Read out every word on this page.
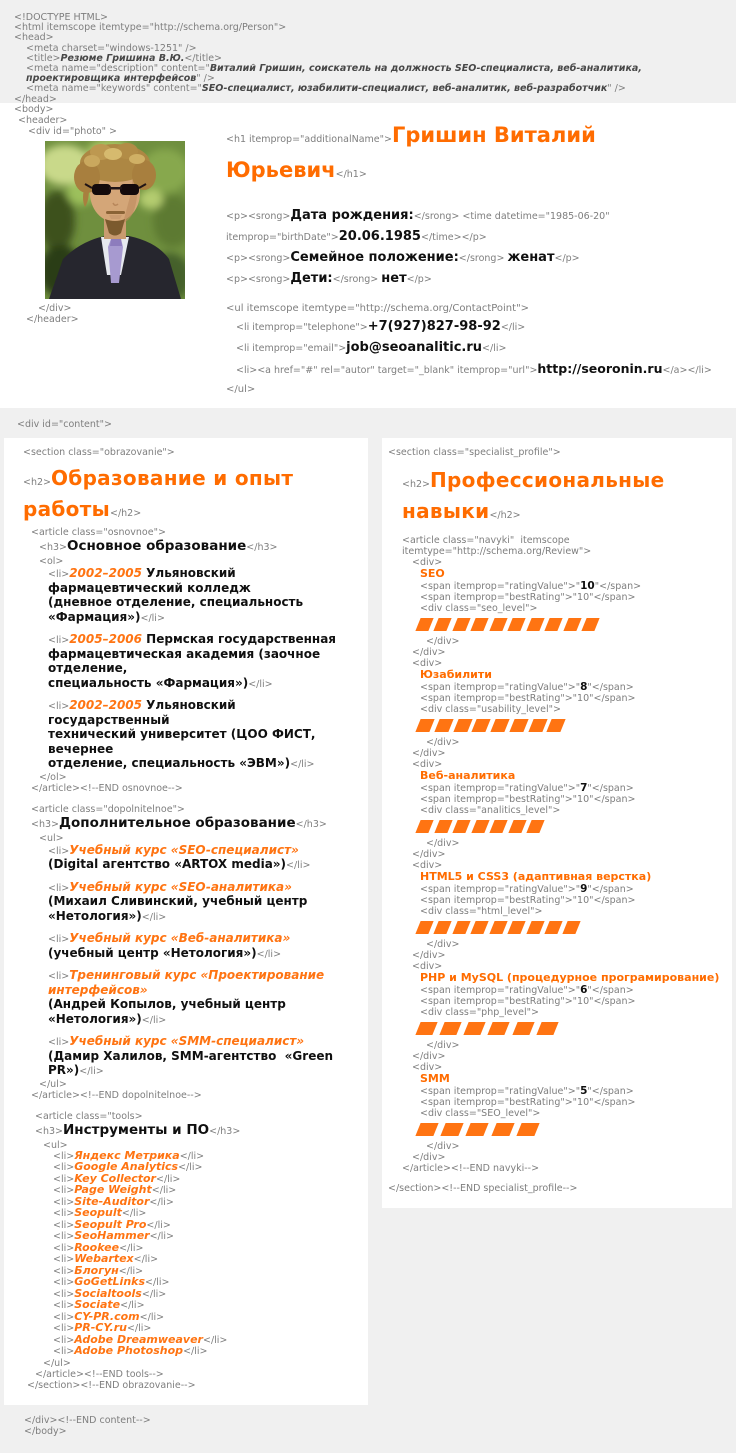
<!DOCTYPE HTML>
<html itemscope itemtype="http://schema.org/Person">
<head>
<meta charset="windows-1251" />
<title>Резюме Гришина В.Ю.</title>
<meta name="description" content="Виталий Гришин, соискатель на должность SEO-специалиста, веб-аналитика, проектировщика интерфейсов" />
<meta name="keywords" content="SEO-специалист, юзабилити-специалист, веб-аналитик, веб-разработчик" />
</head>
<body>
<header>
<div id="photo" >
</div>
</header>
<h1 itemprop="additionalName">Гришин Виталий Юрьевич</h1>
<p><srong>Дата рождения:</srong> <time datetime="1985-06-20" itemprop="birthDate">20.06.1985</time></p>
<p><srong>Семейное положение:</srong> женат</p>
<p><srong>Дети:</srong> нет</p>
<ul itemscope itemtype="http://schema.org/ContactPoint">
<li itemprop="telephone">+7(927)827-98-92</li>
<li itemprop="email">job@seoanalitic.ru</li>
<li><a href="#" rel="autor" target="_blank" itemprop="url">http://seoronin.ru</a></li>
</ul>
<div id="content">
<section class="obrazovanie">
<h2>Образование и опыт работы</h2>
<article class="osnovnoe">
<h3>Основное образование</h3>
<ol>
<li>2002–2005 Ульяновский фармацевтический колледж
(дневное отделение, специальность «Фармация»)</li>
<li>2005–2006 Пермская государственная
фармацевтическая академия (заочное отделение,
специальность «Фармация»)</li>
<li>2002–2005 Ульяновский государственный
технический университет (ЦОО ФИСТ, вечернее
отделение, специальность «ЭВМ»)</li>
</ol>
</article><!--END osnovnoe-->
<article class="dopolnitelnoe">
<h3>Дополнительное образование</h3>
<ul>
<li>Учебный курс «SEO-специалист»
(Digital агентство «ARTOX media»)</li>
<li>Учебный курс «SEO-аналитика»
(Михаил Сливинский, учебный центр «Нетология»)</li>
<li>Учебный курс «Веб-аналитика»
(учебный центр «Нетология»)</li>
<li>Тренинговый курс «Проектирование интерфейсов»
(Андрей Копылов, учебный центр «Нетология»)</li>
<li>Учебный курс «SMM-специалист»
(Дамир Халилов, SMM-агентство  «Green PR»)</li>
</ul>
</article><!--END dopolnitelnoe-->
<article class="tools>
<h3>Инструменты и ПО</h3>
<ul>
<li>Яндекс Метрика</li>
<li>Google Analytics</li>
<li>Key Collector</li>
<li>Page Weight</li>
<li>Site-Auditor</li>
<li>Seopult</li>
<li>Seopult Pro</li>
<li>SeoHammer</li>
<li>Rookee</li>
<li>Webartex</li>
<li>Блогун</li>
<li>GoGetLinks</li>
<li>Socialtools</li>
<li>Sociate</li>
<li>CY-PR.com</li>
<li>PR-CY.ru</li>
<li>Adobe Dreamweaver</li>
<li>Adobe Photoshop</li>
</ul>
</article><!--END tools-->
</section><!--END obrazovanie-->
<section class="specialist_profile">
<h2>Профессиональные навыки</h2>
<article class="navyki"  itemscope itemtype="http://schema.org/Review">
<div>
SEO
<span itemprop="ratingValue">"10"</span>
<span itemprop="bestRating">"10"</span>
<div class="seo_level">
</div>
</div>
<div>
Юзабилити
<span itemprop="ratingValue">"8"</span>
<span itemprop="bestRating">"10"</span>
<div class="usability_level">
</div>
</div>
<div>
Веб-аналитика
<span itemprop="ratingValue">"7"</span>
<span itemprop="bestRating">"10"</span>
<div class="analitics_level">
</div>
</div>
<div>
HTML5 и CSS3 (адаптивная верстка)
<span itemprop="ratingValue">"9"</span>
<span itemprop="bestRating">"10"</span>
<div class="html_level">
</div>
</div>
<div>
PHP и MySQL (процедурное програмирование)
<span itemprop="ratingValue">"6"</span>
<span itemprop="bestRating">"10"</span>
<div class="php_level">
</div>
</div>
<div>
SMM
<span itemprop="ratingValue">"5"</span>
<span itemprop="bestRating">"10"</span>
<div class="SEO_level">
</div>
</div>
</article><!--END navyki-->
</section><!--END specialist_profile-->
</div><!--END content-->
</body>
